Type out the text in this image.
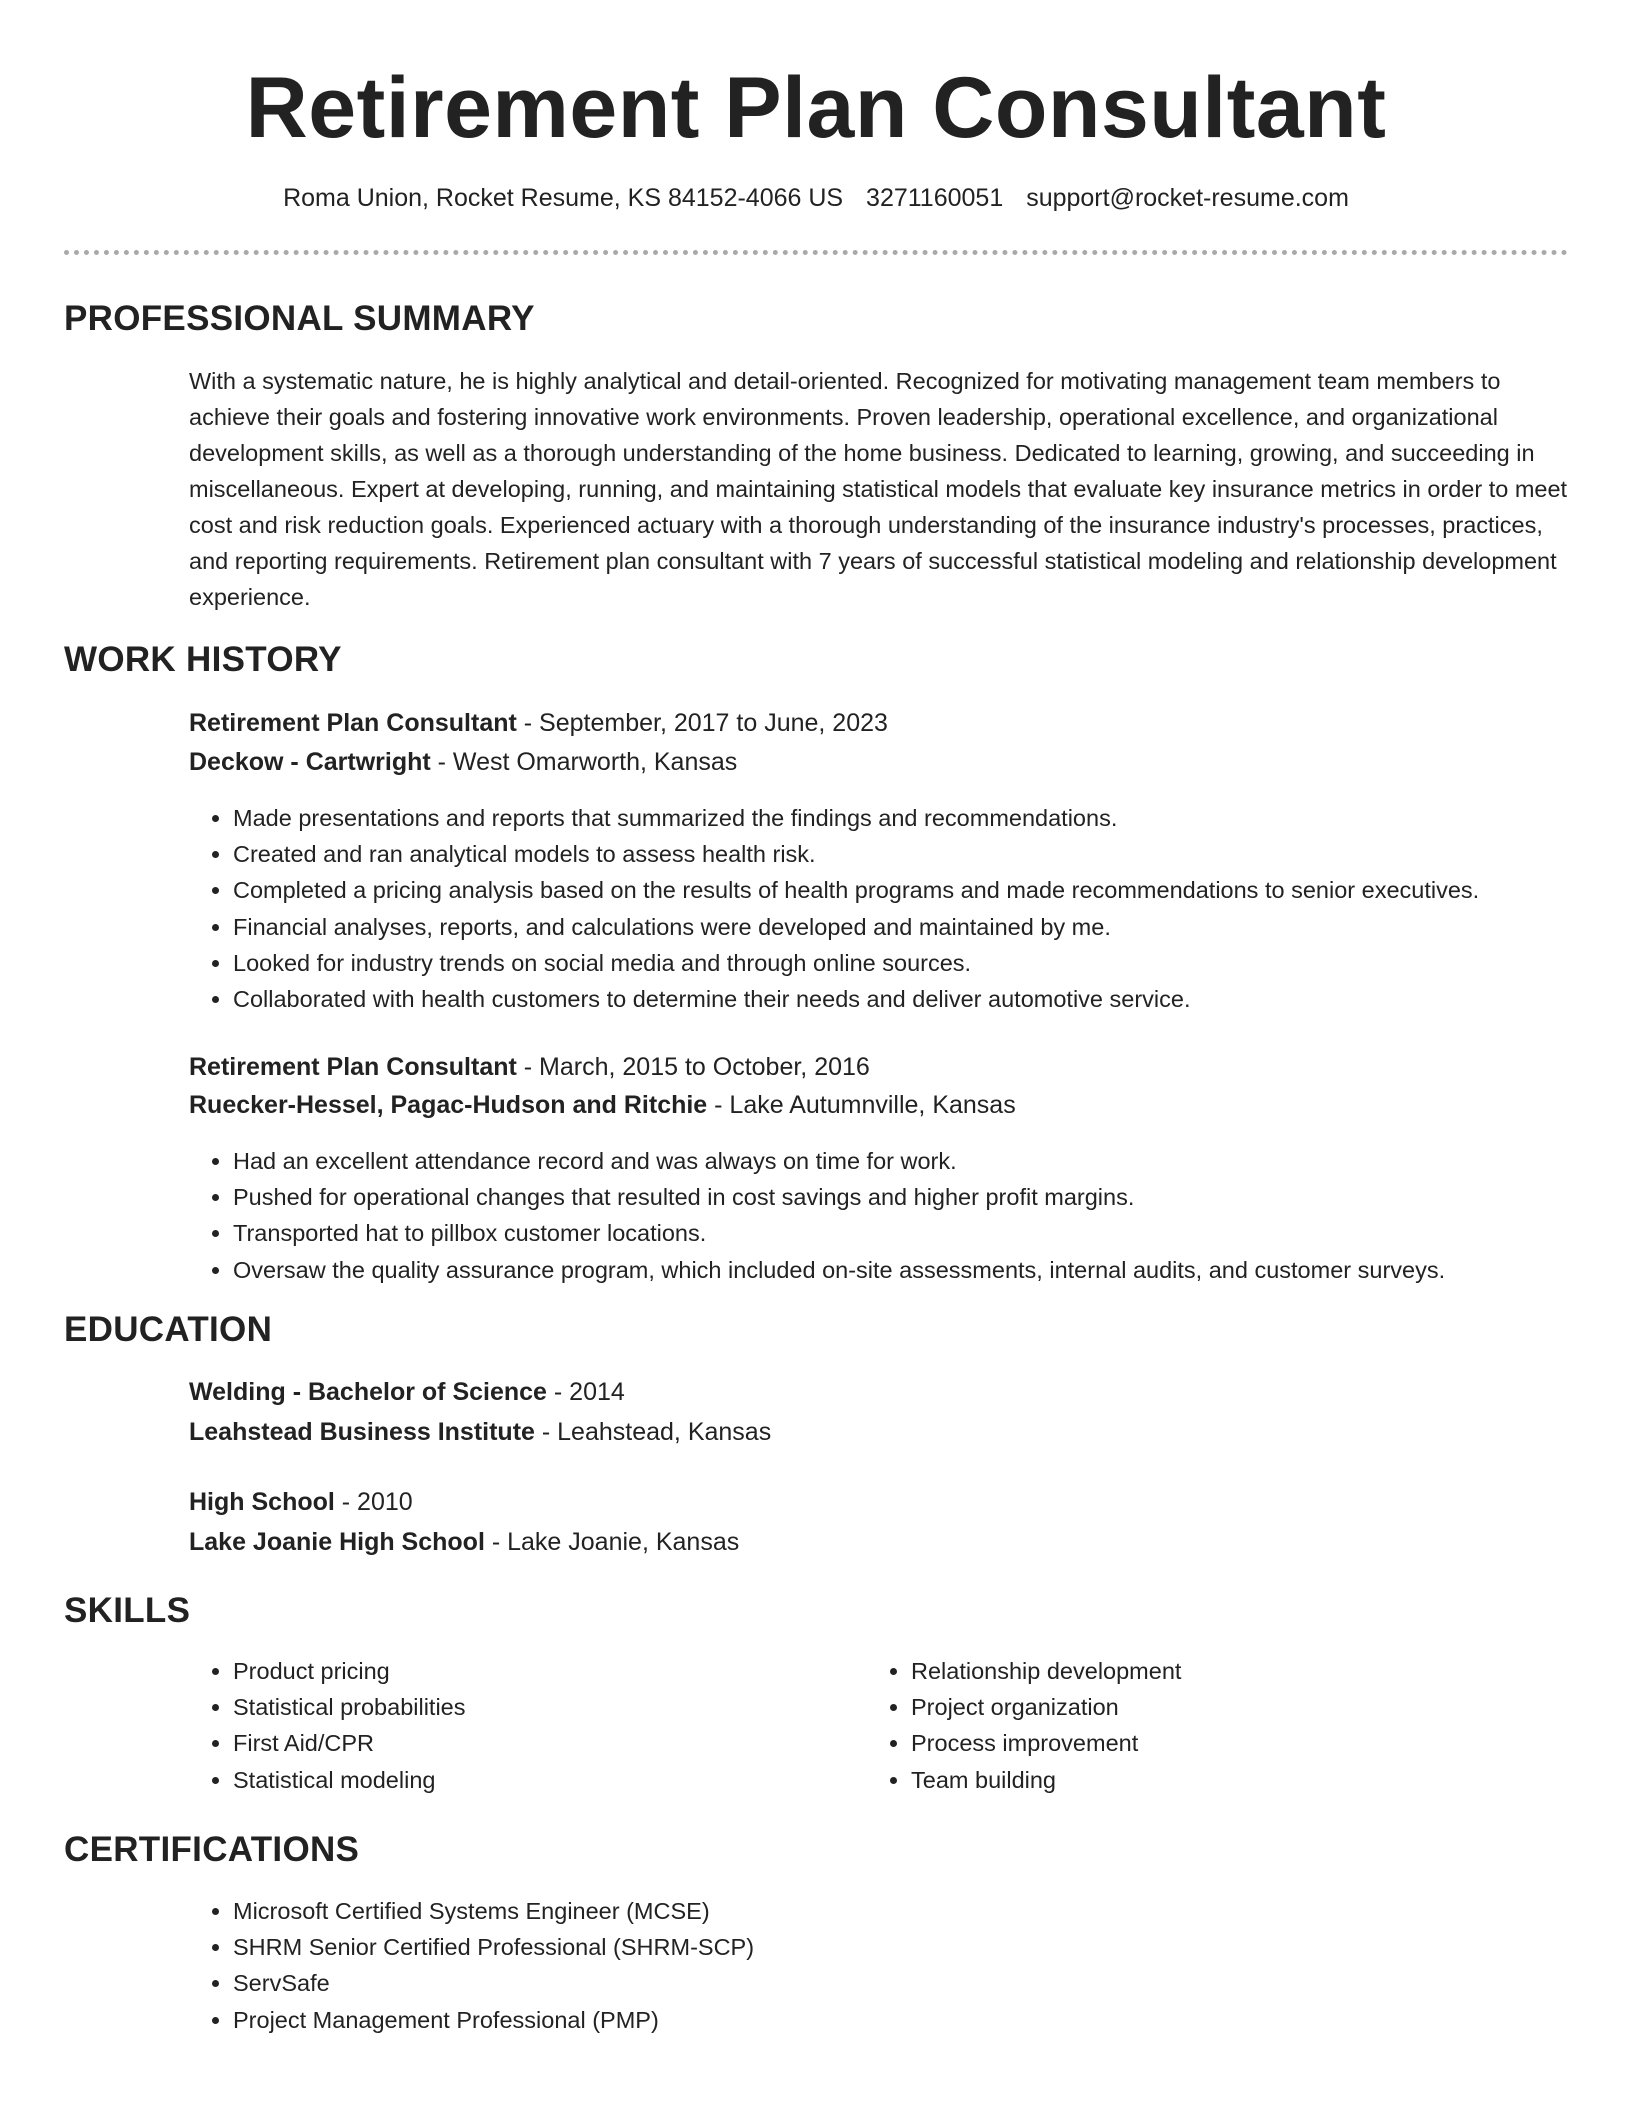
Retirement Plan Consultant
Roma Union, Rocket Resume, KS 84152-4066 US 3271160051 support@rocket-resume.com
PROFESSIONAL SUMMARY
With a systematic nature, he is highly analytical and detail-oriented. Recognized for motivating management team members to achieve their goals and fostering innovative work environments. Proven leadership, operational excellence, and organizational development skills, as well as a thorough understanding of the home business. Dedicated to learning, growing, and succeeding in miscellaneous. Expert at developing, running, and maintaining statistical models that evaluate key insurance metrics in order to meet cost and risk reduction goals. Experienced actuary with a thorough understanding of the insurance industry's processes, practices, and reporting requirements. Retirement plan consultant with 7 years of successful statistical modeling and relationship development experience.
WORK HISTORY
Retirement Plan Consultant - September, 2017 to June, 2023
Deckow - Cartwright - West Omarworth, Kansas
• Made presentations and reports that summarized the findings and recommendations.
• Created and ran analytical models to assess health risk.
• Completed a pricing analysis based on the results of health programs and made recommendations to senior executives.
• Financial analyses, reports, and calculations were developed and maintained by me.
• Looked for industry trends on social media and through online sources.
• Collaborated with health customers to determine their needs and deliver automotive service.
Retirement Plan Consultant - March, 2015 to October, 2016
Ruecker-Hessel, Pagac-Hudson and Ritchie - Lake Autumnville, Kansas
• Had an excellent attendance record and was always on time for work.
• Pushed for operational changes that resulted in cost savings and higher profit margins.
• Transported hat to pillbox customer locations.
• Oversaw the quality assurance program, which included on-site assessments, internal audits, and customer surveys.
EDUCATION
Welding - Bachelor of Science - 2014
Leahstead Business Institute - Leahstead, Kansas
High School - 2010
Lake Joanie High School - Lake Joanie, Kansas
SKILLS
• Product pricing
• Statistical probabilities
• First Aid/CPR
• Statistical modeling
• Relationship development
• Project organization
• Process improvement
• Team building
CERTIFICATIONS
• Microsoft Certified Systems Engineer (MCSE)
• SHRM Senior Certified Professional (SHRM-SCP)
• ServSafe
• Project Management Professional (PMP)
